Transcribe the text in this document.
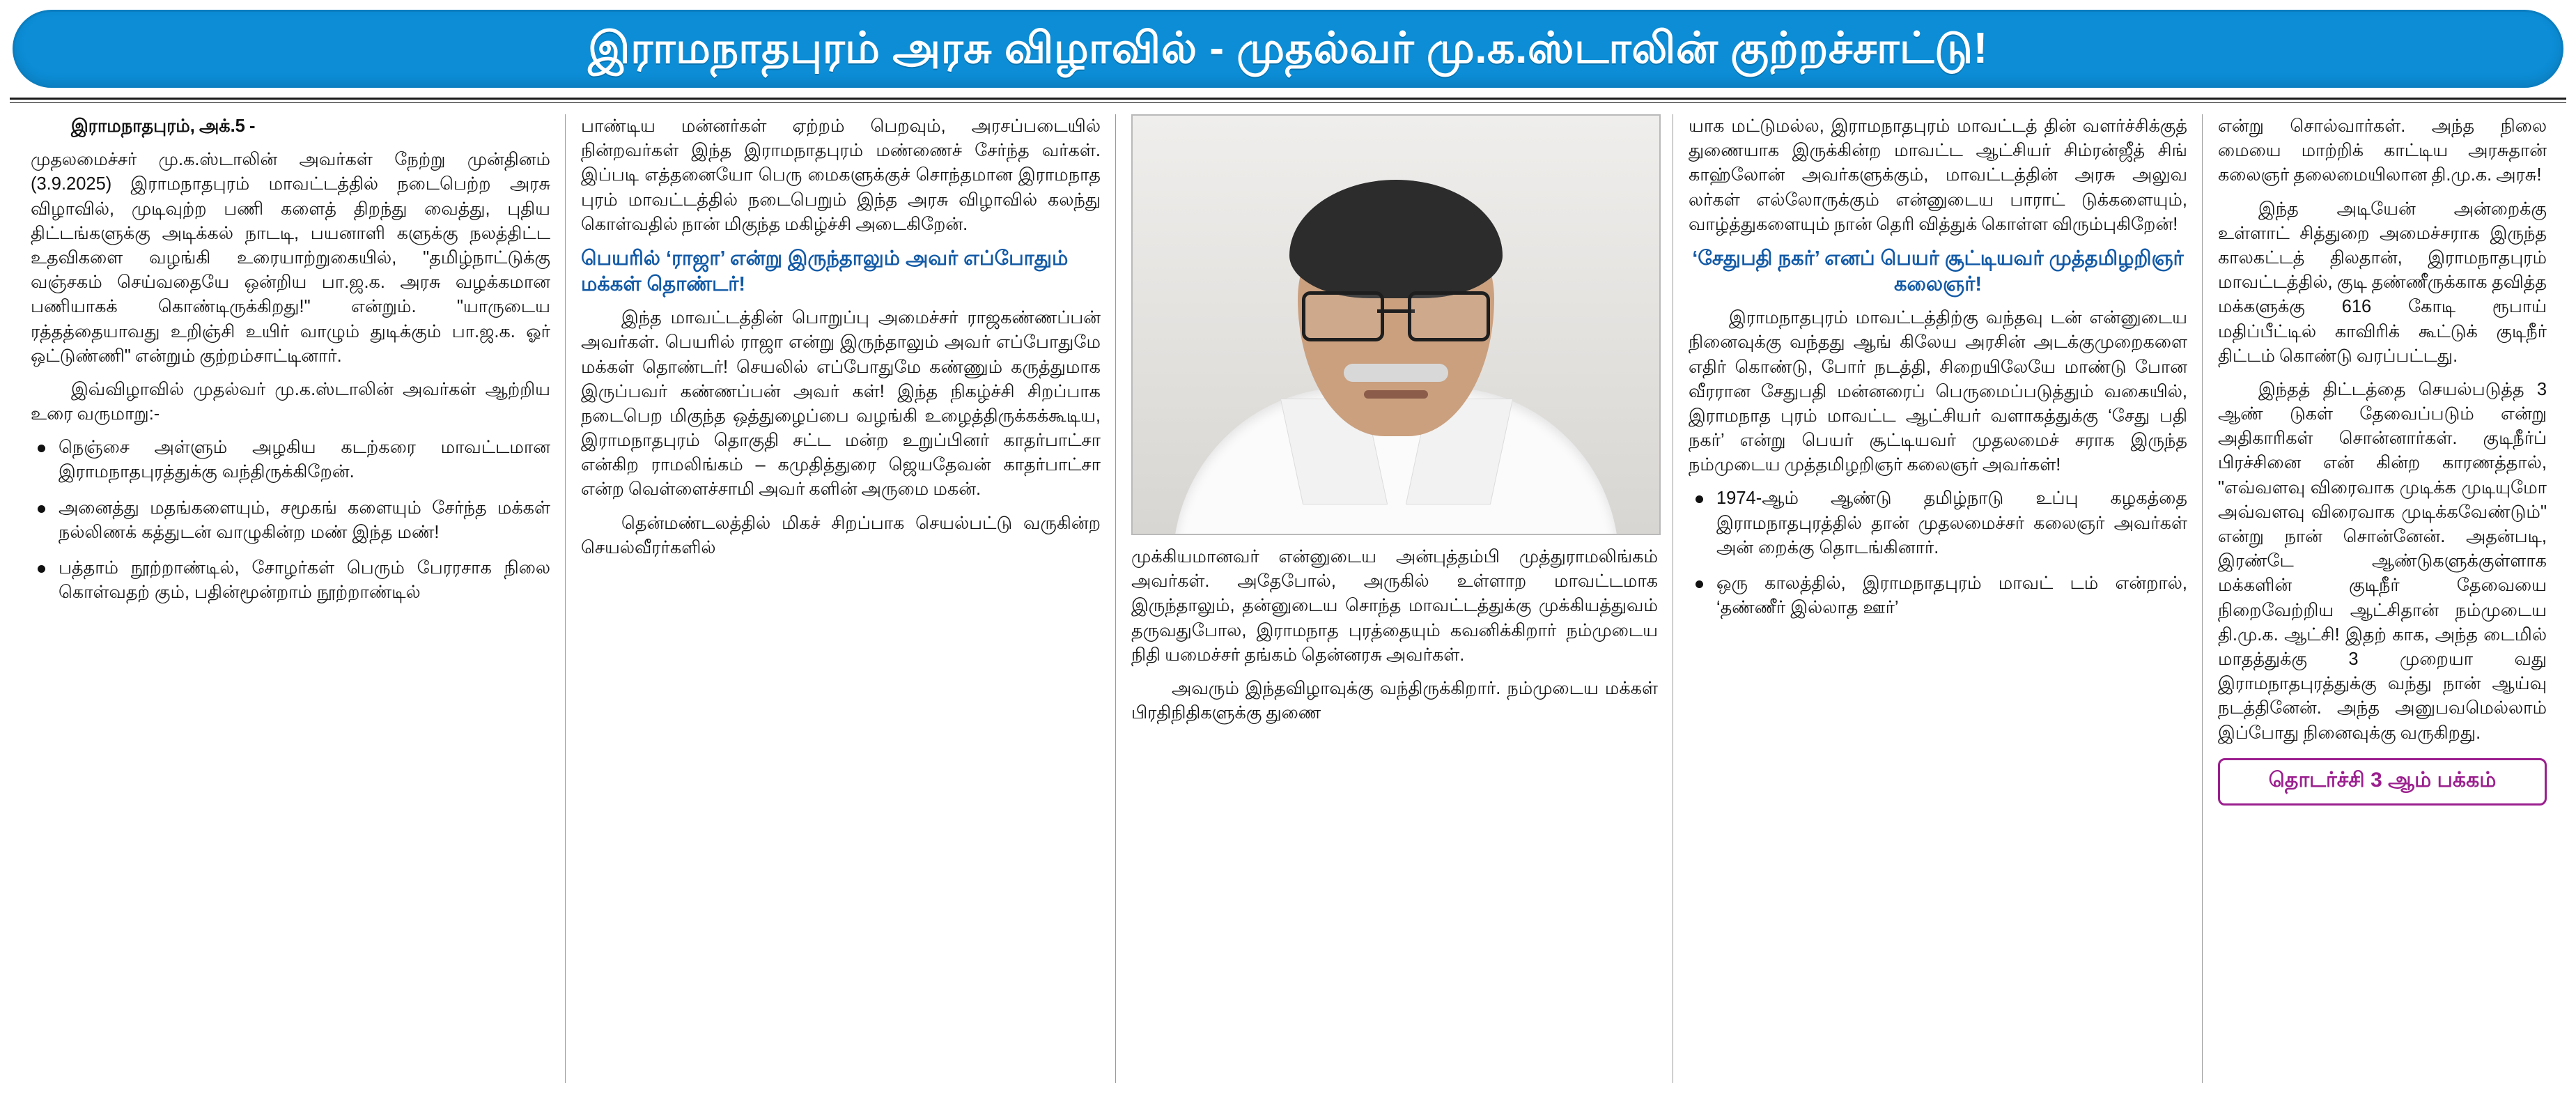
இராமநாதபுரம் அரசு விழாவில் - முதல்வர் மு.க.ஸ்டாலின் குற்றச்சாட்டு!

இராமநாதபுரம், அக்.5 -

முதலமைச்சர் மு.க.ஸ்டாலின் அவர்கள் நேற்று முன்தினம் (3.9.2025) இராமநாதபுரம் மாவட்டத்தில் நடைபெற்ற அரசு விழாவில், முடிவுற்ற பணி களைத் திறந்து வைத்து, புதிய திட்டங்களுக்கு அடிக்கல் நாடடி, பயனாளி களுக்கு நலத்திட்ட உதவிகளை வழங்கி உரையாற்றுகையில், "தமிழ்நாட்டுக்கு வஞ்சகம் செய்வதையே ஒன்றிய பா.ஜ.க. அரசு வழக்கமான பணியாகக் கொண்டிருக்கிறது!" என்றும். "யாருடைய ரத்தத்தையாவது உறிஞ்சி உயிர் வாழும் துடிக்கும் பா.ஜ.க. ஓர் ஒட்டுண்ணி" என்றும் குற்றம்சாட்டினார்.

இவ்விழாவில் முதல்வர் மு.க.ஸ்டாலின் அவர்கள் ஆற்றிய உரை வருமாறு:-

நெஞ்சை அள்ளும் அழகிய கடற்கரை மாவட்டமான இராமநாதபுரத்துக்கு வந்திருக்கிறேன்.
அனைத்து மதங்களையும், சமூகங் களையும் சேர்ந்த மக்கள் நல்லிணக் கத்துடன் வாழுகின்ற மண் இந்த மண்!
பத்தாம் நூற்றாண்டில், சோழர்கள் பெரும் பேரரசாக நிலை கொள்வதற் கும், பதின்மூன்றாம் நூற்றாண்டில்

பாண்டிய மன்னர்கள் ஏற்றம் பெறவும், அரசப்படையில் நின்றவர்கள் இந்த இராமநாதபுரம் மண்ணைச் சேர்ந்த வர்கள். இப்படி எத்தனையோ பெரு மைகளுக்குச் சொந்தமான இராமநாத புரம் மாவட்டத்தில் நடைபெறும் இந்த அரசு விழாவில் கலந்து கொள்வதில் நான் மிகுந்த மகிழ்ச்சி அடைகிறேன்.

பெயரில் ‘ராஜா’ என்று இருந்தாலும் அவர் எப்போதும் மக்கள் தொண்டர்!

இந்த மாவட்டத்தின் பொறுப்பு அமைச்சர் ராஜகண்ணப்பன் அவர்கள். பெயரில் ராஜா என்று இருந்தாலும் அவர் எப்போதுமே மக்கள் தொண்டர்! செயலில் எப்போதுமே கண்ணும் கருத்துமாக இருப்பவர் கண்ணப்பன் அவர் கள்! இந்த நிகழ்ச்சி சிறப்பாக நடைபெற மிகுந்த ஒத்துழைப்பை வழங்கி உழைத்திருக்கக்கூடிய, இராமநாதபுரம் தொகுதி சட்ட மன்ற உறுப்பினர் காதர்பாட்சா என்கிற ராமலிங்கம் – கமுதித்துரை ஜெயதேவன் காதர்பாட்சா என்ற வெள்ளைச்சாமி அவர் களின் அருமை மகன்.

தென்மண்டலத்தில் மிகச் சிறப்பாக செயல்பட்டு வருகின்ற செயல்வீரர்களில்	முக்கியமானவர் என்னுடைய அன்புத்தம்பி முத்துராமலிங்கம் அவர்கள். அதேபோல், அருகில் உள்ளாற மாவட்டமாக இருந்தாலும், தன்னுடைய சொந்த மாவட்டத்துக்கு முக்கியத்துவம் தருவதுபோல, இராமநாத புரத்தையும் கவனிக்கிறார் நம்முடைய நிதி யமைச்சர் தங்கம் தென்னரசு அவர்கள்.

அவரும் இந்தவிழாவுக்கு வந்திருக்கிறார். நம்முடைய மக்கள் பிரதிநிதிகளுக்கு துணை

யாக மட்டுமல்ல, இராமநாதபுரம் மாவட்டத் தின் வளர்ச்சிக்குத் துணையாக இருக்கின்ற மாவட்ட ஆட்சியர் சிம்ரன்ஜீத் சிங் காஹ்லோன் அவர்களுக்கும், மாவட்டத்தின் அரசு அலுவ லர்கள் எல்லோருக்கும் என்னுடைய பாராட் டுக்களையும், வாழ்த்துகளையும் நான் தெரி வித்துக் கொள்ள விரும்புகிறேன்!

‘சேதுபதி நகர்’ எனப் பெயர் சூட்டியவர் முத்தமிழறிஞர் கலைஞர்!

இராமநாதபுரம் மாவட்டத்திற்கு வந்தவு டன் என்னுடைய நினைவுக்கு வந்தது ஆங் கிலேய அரசின் அடக்குமுறைகளை எதிர் கொண்டு, போர் நடத்தி, சிறையிலேயே மாண்டு போன வீரரான சேதுபதி மன்னரைப் பெருமைப்படுத்தும் வகையில், இராமநாத புரம் மாவட்ட ஆட்சியர் வளாகத்துக்கு ‘சேது பதி நகர்’ என்று பெயர் சூட்டியவர் முதலமைச் சராக இருந்த நம்முடைய முத்தமிழறிஞர் கலைஞர் அவர்கள்!

1974-ஆம் ஆண்டு தமிழ்நாடு உப்பு கழகத்தை இராமநாதபுரத்தில் தான் முதலமைச்சர் கலைஞர் அவர்கள் அன் றைக்கு தொடங்கினார்.
ஒரு காலத்தில், இராமநாதபுரம் மாவட் டம் என்றால், ‘தண்ணீர் இல்லாத ஊர்’

என்று சொல்வார்கள். அந்த நிலை மையை மாற்றிக் காட்டிய அரசுதான் கலைஞர் தலைமையிலான தி.மு.க. அரசு!

இந்த அடியேன் அன்றைக்கு உள்ளாட் சித்துறை அமைச்சராக இருந்த காலகட்டத் திலதான், இராமநாதபுரம் மாவட்டத்தில், குடி தண்ணீருக்காக தவித்த மக்களுக்கு 616 கோடி ரூபாய் மதிப்பீட்டில் காவிரிக் கூட்டுக் குடிநீர் திட்டம் கொண்டு வரப்பட்டது.

இந்தத் திட்டத்தை செயல்படுத்த 3 ஆண் டுகள் தேவைப்படும் என்று அதிகாரிகள் சொன்னார்கள். குடிநீர்ப் பிரச்சினை என் கின்ற காரணத்தால், "எவ்வளவு விரைவாக முடிக்க முடியுமோ அவ்வளவு விரைவாக முடிக்கவேண்டும்" என்று நான் சொன்னேன். அதன்படி, இரண்டே ஆண்டுகளுக்குள்ளாக மக்களின் குடிநீர் தேவையை நிறைவேற்றிய ஆட்சிதான் நம்முடைய தி.மு.க. ஆட்சி! இதற் காக, அந்த டைமில் மாதத்துக்கு 3 முறையா வது இராமநாதபுரத்துக்கு வந்து நான் ஆய்வு நடத்தினேன். அந்த அனுபவமெல்லாம் இப்போது நினைவுக்கு வருகிறது.

தொடர்ச்சி 3 ஆம் பக்கம்
